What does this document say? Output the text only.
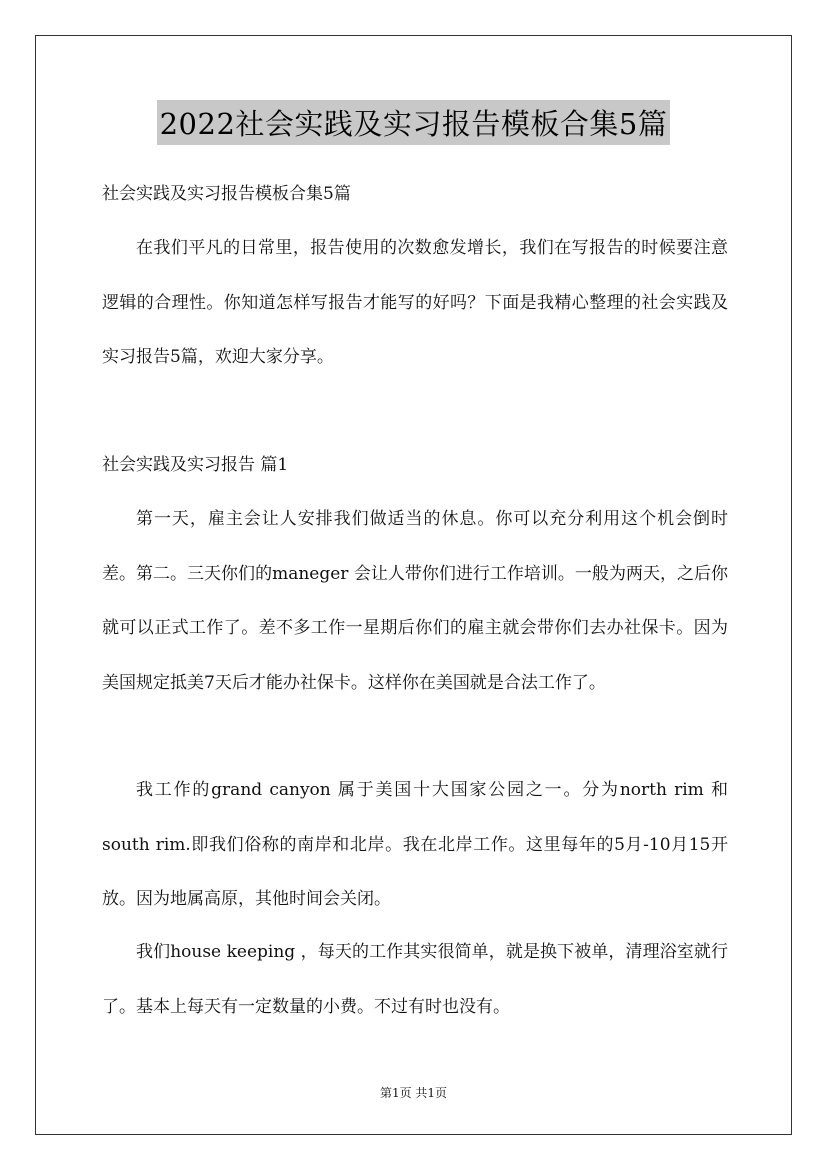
2022社会实践及实习报告模板合集5篇
社会实践及实习报告模板合集5篇
在我们平凡的日常里，报告使用的次数愈发增长，我们在写报告的时候要注意逻辑的合理性。你知道怎样写报告才能写的好吗？下面是我精心整理的社会实践及实习报告5篇，欢迎大家分享。
社会实践及实习报告 篇1
第一天，雇主会让人安排我们做适当的休息。你可以充分利用这个机会倒时差。第二。三天你们的maneger 会让人带你们进行工作培训。一般为两天，之后你就可以正式工作了。差不多工作一星期后你们的雇主就会带你们去办社保卡。因为美国规定抵美7天后才能办社保卡。这样你在美国就是合法工作了。
我工作的grand canyon 属于美国十大国家公园之一。分为north rim 和 south rim.即我们俗称的南岸和北岸。我在北岸工作。这里每年的5月-10月15开放。因为地属高原，其他时间会关闭。
我们house keeping ，每天的工作其实很简单，就是换下被单，清理浴室就行了。基本上每天有一定数量的小费。不过有时也没有。
第1页 共1页
